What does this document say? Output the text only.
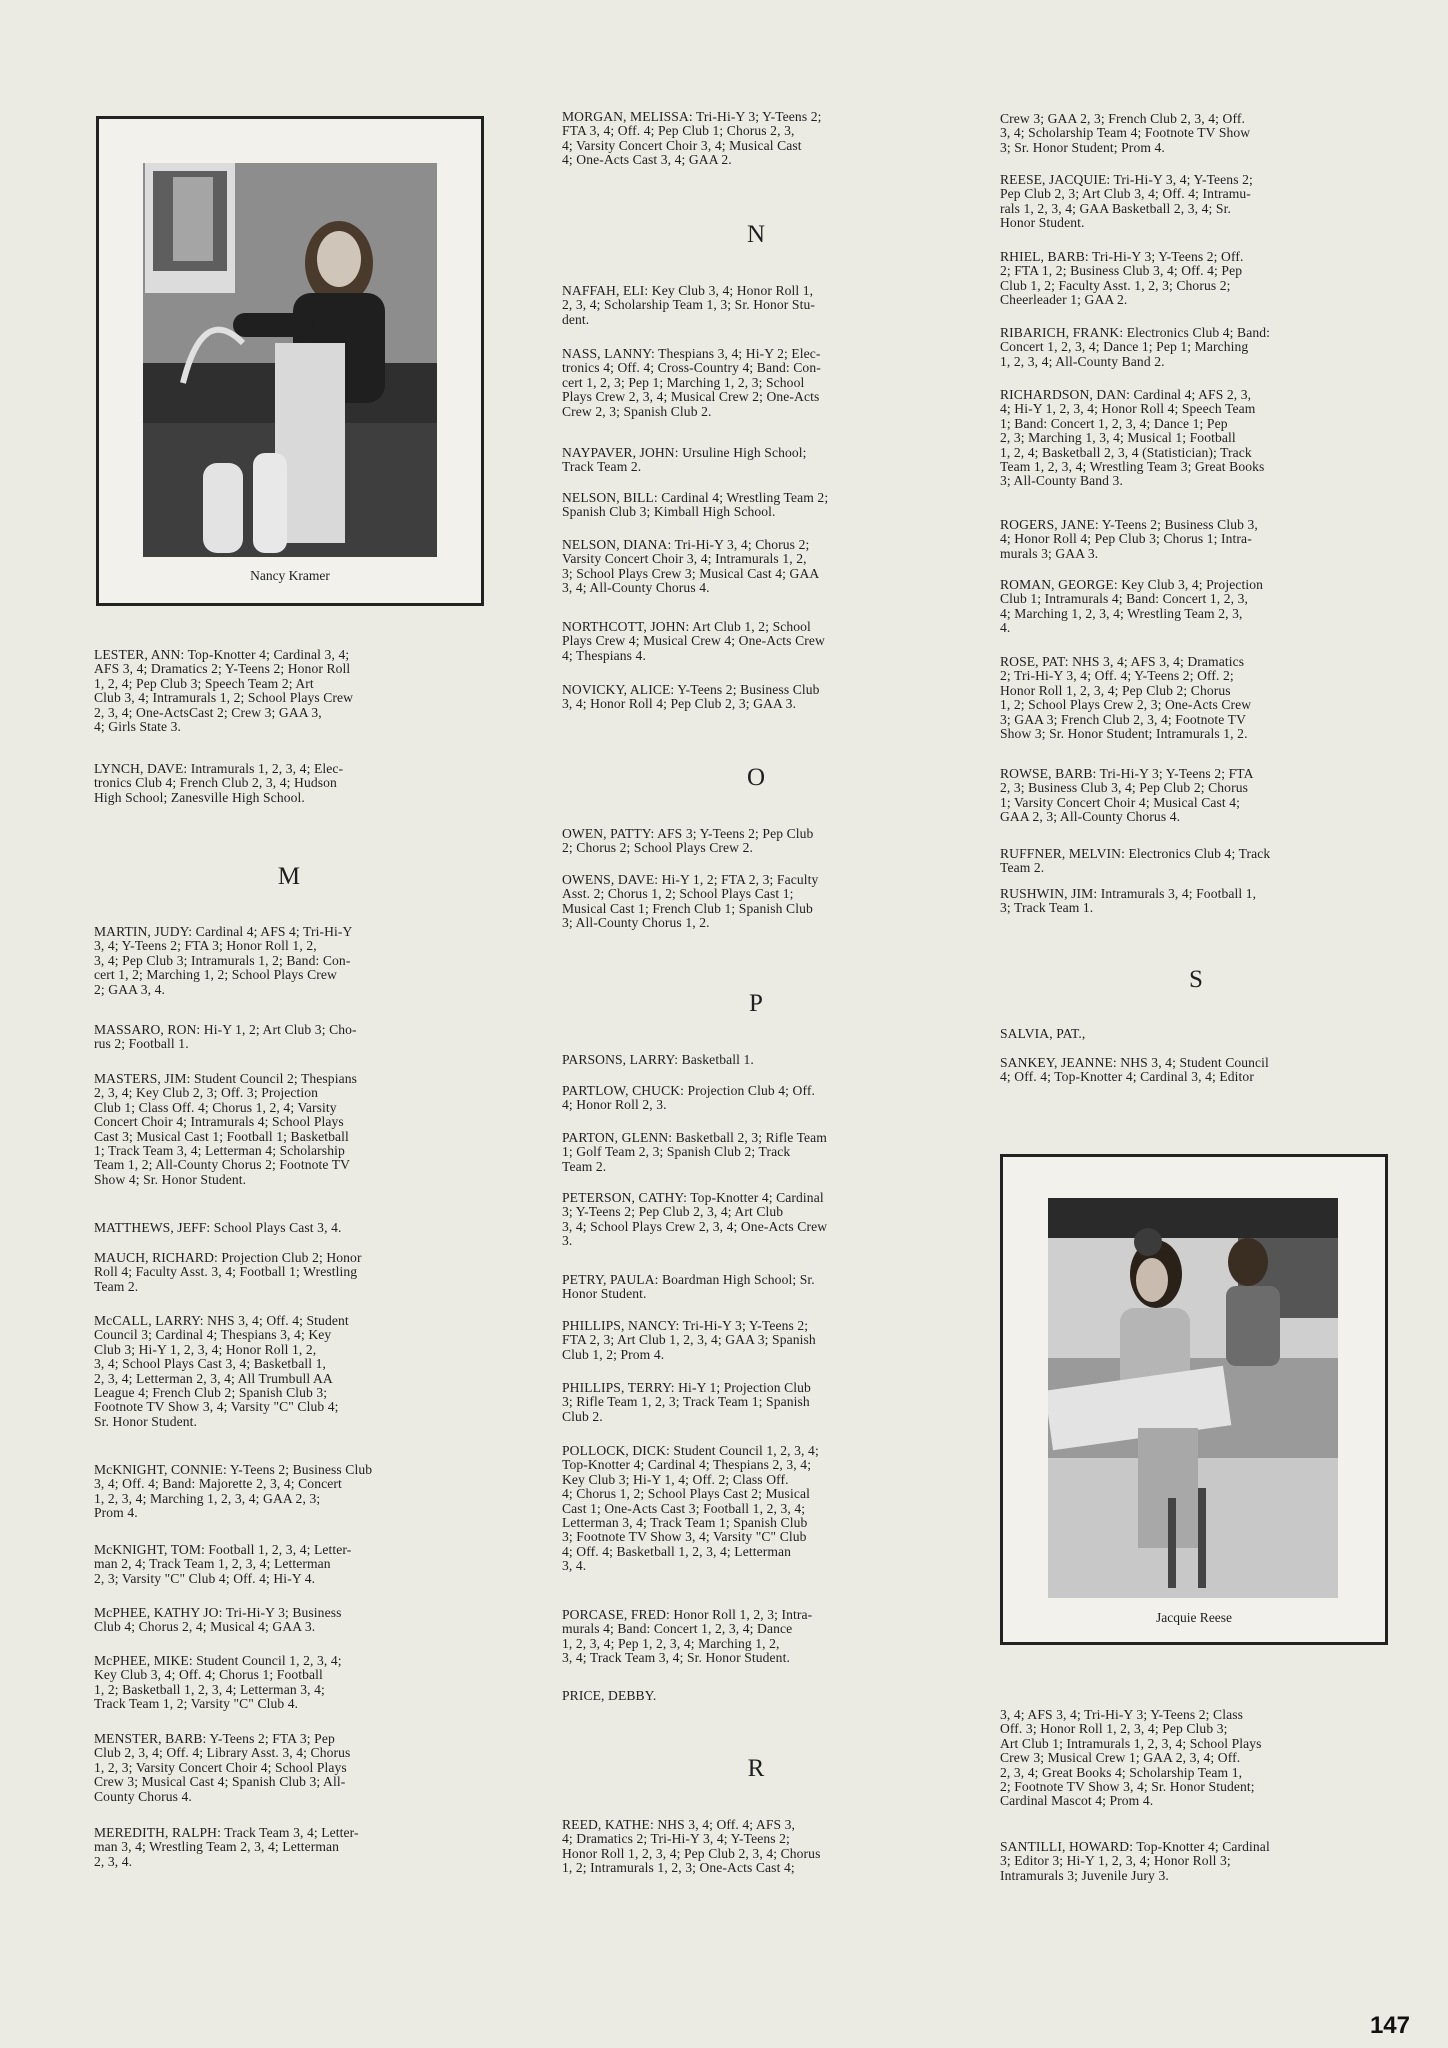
Nancy Kramer
LESTER, ANN: Top-Knotter 4; Cardinal 3, 4;
AFS 3, 4; Dramatics 2; Y-Teens 2; Honor Roll
1, 2, 4; Pep Club 3; Speech Team 2; Art
Club 3, 4; Intramurals 1, 2; School Plays Crew
2, 3, 4; One-ActsCast 2; Crew 3; GAA 3,
4; Girls State 3.
LYNCH, DAVE: Intramurals 1, 2, 3, 4; Elec-
tronics Club 4; French Club 2, 3, 4; Hudson
High School; Zanesville High School.
M
MARTIN, JUDY: Cardinal 4; AFS 4; Tri-Hi-Y
3, 4; Y-Teens 2; FTA 3; Honor Roll 1, 2,
3, 4; Pep Club 3; Intramurals 1, 2; Band: Con-
cert 1, 2; Marching 1, 2; School Plays Crew
2; GAA 3, 4.
MASSARO, RON: Hi-Y 1, 2; Art Club 3; Cho-
rus 2; Football 1.
MASTERS, JIM: Student Council 2; Thespians
2, 3, 4; Key Club 2, 3; Off. 3; Projection
Club 1; Class Off. 4; Chorus 1, 2, 4; Varsity
Concert Choir 4; Intramurals 4; School Plays
Cast 3; Musical Cast 1; Football 1; Basketball
1; Track Team 3, 4; Letterman 4; Scholarship
Team 1, 2; All-County Chorus 2; Footnote TV
Show 4; Sr. Honor Student.
MATTHEWS, JEFF: School Plays Cast 3, 4.
MAUCH, RICHARD: Projection Club 2; Honor
Roll 4; Faculty Asst. 3, 4; Football 1; Wrestling
Team 2.
McCALL, LARRY: NHS 3, 4; Off. 4; Student
Council 3; Cardinal 4; Thespians 3, 4; Key
Club 3; Hi-Y 1, 2, 3, 4; Honor Roll 1, 2,
3, 4; School Plays Cast 3, 4; Basketball 1,
2, 3, 4; Letterman 2, 3, 4; All Trumbull AA
League 4; French Club 2; Spanish Club 3;
Footnote TV Show 3, 4; Varsity "C" Club 4;
Sr. Honor Student.
McKNIGHT, CONNIE: Y-Teens 2; Business Club
3, 4; Off. 4; Band: Majorette 2, 3, 4; Concert
1, 2, 3, 4; Marching 1, 2, 3, 4; GAA 2, 3;
Prom 4.
McKNIGHT, TOM: Football 1, 2, 3, 4; Letter-
man 2, 4; Track Team 1, 2, 3, 4; Letterman
2, 3; Varsity "C" Club 4; Off. 4; Hi-Y 4.
McPHEE, KATHY JO: Tri-Hi-Y 3; Business
Club 4; Chorus 2, 4; Musical 4; GAA 3.
McPHEE, MIKE: Student Council 1, 2, 3, 4;
Key Club 3, 4; Off. 4; Chorus 1; Football
1, 2; Basketball 1, 2, 3, 4; Letterman 3, 4;
Track Team 1, 2; Varsity "C" Club 4.
MENSTER, BARB: Y-Teens 2; FTA 3; Pep
Club 2, 3, 4; Off. 4; Library Asst. 3, 4; Chorus
1, 2, 3; Varsity Concert Choir 4; School Plays
Crew 3; Musical Cast 4; Spanish Club 3; All-
County Chorus 4.
MEREDITH, RALPH: Track Team 3, 4; Letter-
man 3, 4; Wrestling Team 2, 3, 4; Letterman
2, 3, 4.
MORGAN, MELISSA: Tri-Hi-Y 3; Y-Teens 2;
FTA 3, 4; Off. 4; Pep Club 1; Chorus 2, 3,
4; Varsity Concert Choir 3, 4; Musical Cast
4; One-Acts Cast 3, 4; GAA 2.
N
NAFFAH, ELI: Key Club 3, 4; Honor Roll 1,
2, 3, 4; Scholarship Team 1, 3; Sr. Honor Stu-
dent.
NASS, LANNY: Thespians 3, 4; Hi-Y 2; Elec-
tronics 4; Off. 4; Cross-Country 4; Band: Con-
cert 1, 2, 3; Pep 1; Marching 1, 2, 3; School
Plays Crew 2, 3, 4; Musical Crew 2; One-Acts
Crew 2, 3; Spanish Club 2.
NAYPAVER, JOHN: Ursuline High School;
Track Team 2.
NELSON, BILL: Cardinal 4; Wrestling Team 2;
Spanish Club 3; Kimball High School.
NELSON, DIANA: Tri-Hi-Y 3, 4; Chorus 2;
Varsity Concert Choir 3, 4; Intramurals 1, 2,
3; School Plays Crew 3; Musical Cast 4; GAA
3, 4; All-County Chorus 4.
NORTHCOTT, JOHN: Art Club 1, 2; School
Plays Crew 4; Musical Crew 4; One-Acts Crew
4; Thespians 4.
NOVICKY, ALICE: Y-Teens 2; Business Club
3, 4; Honor Roll 4; Pep Club 2, 3; GAA 3.
O
OWEN, PATTY: AFS 3; Y-Teens 2; Pep Club
2; Chorus 2; School Plays Crew 2.
OWENS, DAVE: Hi-Y 1, 2; FTA 2, 3; Faculty
Asst. 2; Chorus 1, 2; School Plays Cast 1;
Musical Cast 1; French Club 1; Spanish Club
3; All-County Chorus 1, 2.
P
PARSONS, LARRY: Basketball 1.
PARTLOW, CHUCK: Projection Club 4; Off.
4; Honor Roll 2, 3.
PARTON, GLENN: Basketball 2, 3; Rifle Team
1; Golf Team 2, 3; Spanish Club 2; Track
Team 2.
PETERSON, CATHY: Top-Knotter 4; Cardinal
3; Y-Teens 2; Pep Club 2, 3, 4; Art Club
3, 4; School Plays Crew 2, 3, 4; One-Acts Crew
3.
PETRY, PAULA: Boardman High School; Sr.
Honor Student.
PHILLIPS, NANCY: Tri-Hi-Y 3; Y-Teens 2;
FTA 2, 3; Art Club 1, 2, 3, 4; GAA 3; Spanish
Club 1, 2; Prom 4.
PHILLIPS, TERRY: Hi-Y 1; Projection Club
3; Rifle Team 1, 2, 3; Track Team 1; Spanish
Club 2.
POLLOCK, DICK: Student Council 1, 2, 3, 4;
Top-Knotter 4; Cardinal 4; Thespians 2, 3, 4;
Key Club 3; Hi-Y 1, 4; Off. 2; Class Off.
4; Chorus 1, 2; School Plays Cast 2; Musical
Cast 1; One-Acts Cast 3; Football 1, 2, 3, 4;
Letterman 3, 4; Track Team 1; Spanish Club
3; Footnote TV Show 3, 4; Varsity "C" Club
4; Off. 4; Basketball 1, 2, 3, 4; Letterman
3, 4.
PORCASE, FRED: Honor Roll 1, 2, 3; Intra-
murals 4; Band: Concert 1, 2, 3, 4; Dance
1, 2, 3, 4; Pep 1, 2, 3, 4; Marching 1, 2,
3, 4; Track Team 3, 4; Sr. Honor Student.
PRICE, DEBBY.
R
REED, KATHE: NHS 3, 4; Off. 4; AFS 3,
4; Dramatics 2; Tri-Hi-Y 3, 4; Y-Teens 2;
Honor Roll 1, 2, 3, 4; Pep Club 2, 3, 4; Chorus
1, 2; Intramurals 1, 2, 3; One-Acts Cast 4;
Crew 3; GAA 2, 3; French Club 2, 3, 4; Off.
3, 4; Scholarship Team 4; Footnote TV Show
3; Sr. Honor Student; Prom 4.
REESE, JACQUIE: Tri-Hi-Y 3, 4; Y-Teens 2;
Pep Club 2, 3; Art Club 3, 4; Off. 4; Intramu-
rals 1, 2, 3, 4; GAA Basketball 2, 3, 4; Sr.
Honor Student.
RHIEL, BARB: Tri-Hi-Y 3; Y-Teens 2; Off.
2; FTA 1, 2; Business Club 3, 4; Off. 4; Pep
Club 1, 2; Faculty Asst. 1, 2, 3; Chorus 2;
Cheerleader 1; GAA 2.
RIBARICH, FRANK: Electronics Club 4; Band:
Concert 1, 2, 3, 4; Dance 1; Pep 1; Marching
1, 2, 3, 4; All-County Band 2.
RICHARDSON, DAN: Cardinal 4; AFS 2, 3,
4; Hi-Y 1, 2, 3, 4; Honor Roll 4; Speech Team
1; Band: Concert 1, 2, 3, 4; Dance 1; Pep
2, 3; Marching 1, 3, 4; Musical 1; Football
1, 2, 4; Basketball 2, 3, 4 (Statistician); Track
Team 1, 2, 3, 4; Wrestling Team 3; Great Books
3; All-County Band 3.
ROGERS, JANE: Y-Teens 2; Business Club 3,
4; Honor Roll 4; Pep Club 3; Chorus 1; Intra-
murals 3; GAA 3.
ROMAN, GEORGE: Key Club 3, 4; Projection
Club 1; Intramurals 4; Band: Concert 1, 2, 3,
4; Marching 1, 2, 3, 4; Wrestling Team 2, 3,
4.
ROSE, PAT: NHS 3, 4; AFS 3, 4; Dramatics
2; Tri-Hi-Y 3, 4; Off. 4; Y-Teens 2; Off. 2;
Honor Roll 1, 2, 3, 4; Pep Club 2; Chorus
1, 2; School Plays Crew 2, 3; One-Acts Crew
3; GAA 3; French Club 2, 3, 4; Footnote TV
Show 3; Sr. Honor Student; Intramurals 1, 2.
ROWSE, BARB: Tri-Hi-Y 3; Y-Teens 2; FTA
2, 3; Business Club 3, 4; Pep Club 2; Chorus
1; Varsity Concert Choir 4; Musical Cast 4;
GAA 2, 3; All-County Chorus 4.
RUFFNER, MELVIN: Electronics Club 4; Track
Team 2.
RUSHWIN, JIM: Intramurals 3, 4; Football 1,
3; Track Team 1.
S
SALVIA, PAT.,
SANKEY, JEANNE: NHS 3, 4; Student Council
4; Off. 4; Top-Knotter 4; Cardinal 3, 4; Editor
Jacquie Reese
3, 4; AFS 3, 4; Tri-Hi-Y 3; Y-Teens 2; Class
Off. 3; Honor Roll 1, 2, 3, 4; Pep Club 3;
Art Club 1; Intramurals 1, 2, 3, 4; School Plays
Crew 3; Musical Crew 1; GAA 2, 3, 4; Off.
2, 3, 4; Great Books 4; Scholarship Team 1,
2; Footnote TV Show 3, 4; Sr. Honor Student;
Cardinal Mascot 4; Prom 4.
SANTILLI, HOWARD: Top-Knotter 4; Cardinal
3; Editor 3; Hi-Y 1, 2, 3, 4; Honor Roll 3;
Intramurals 3; Juvenile Jury 3.
147
